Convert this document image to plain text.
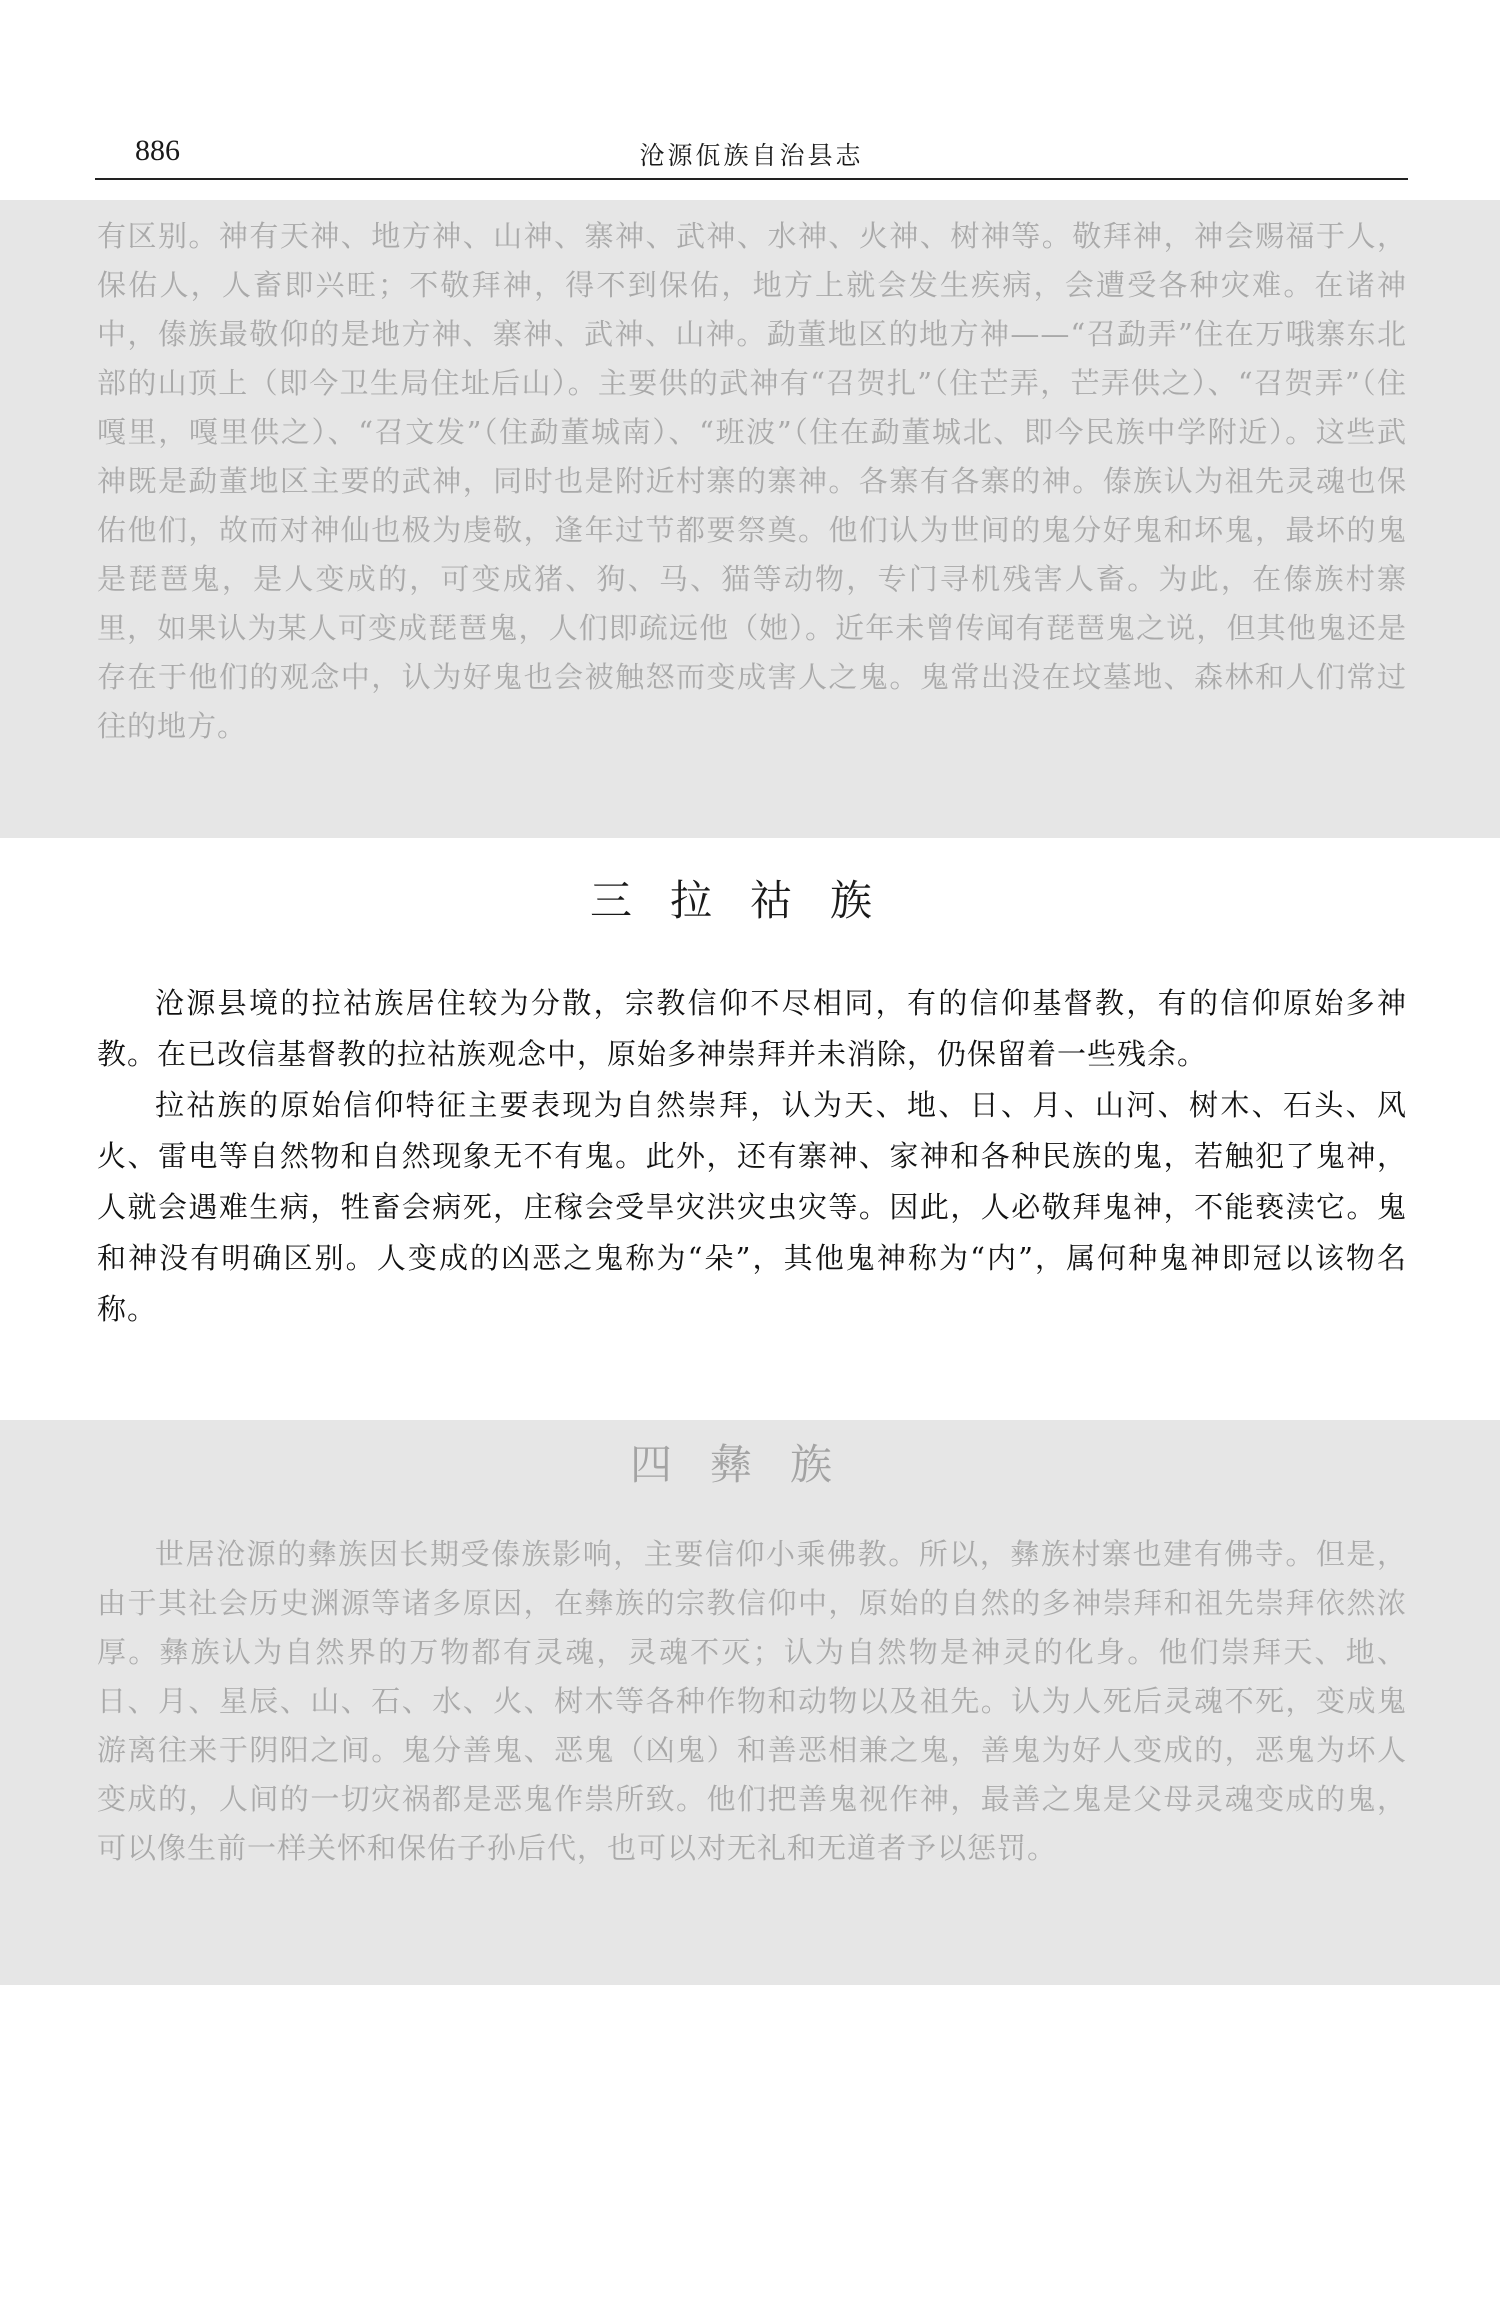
886	沧源佤族自治县志

有区别。神有天神、地方神、山神、寨神、武神、水神、火神、树神等。敬拜神，神会赐福于人，保佑人，人畜即兴旺；不敬拜神，得不到保佑，地方上就会发生疾病，会遭受各种灾难。在诸神中，傣族最敬仰的是地方神、寨神、武神、山神。勐董地区的地方神——“召勐弄”住在万哦寨东北部的山顶上（即今卫生局住址后山）。主要供的武神有“召贺扎”（住芒弄，芒弄供之）、“召贺弄”（住嘎里，嘎里供之）、“召文发”（住勐董城南）、“班波”（住在勐董城北、即今民族中学附近）。这些武神既是勐董地区主要的武神，同时也是附近村寨的寨神。各寨有各寨的神。傣族认为祖先灵魂也保佑他们，故而对神仙也极为虔敬，逢年过节都要祭奠。他们认为世间的鬼分好鬼和坏鬼，最坏的鬼是琵琶鬼，是人变成的，可变成猪、狗、马、猫等动物，专门寻机残害人畜。为此，在傣族村寨里，如果认为某人可变成琵琶鬼，人们即疏远他（她）。近年未曾传闻有琵琶鬼之说，但其他鬼还是存在于他们的观念中，认为好鬼也会被触怒而变成害人之鬼。鬼常出没在坟墓地、森林和人们常过往的地方。

三拉祜族

沧源县境的拉祜族居住较为分散，宗教信仰不尽相同，有的信仰基督教，有的信仰原始多神教。在已改信基督教的拉祜族观念中，原始多神崇拜并未消除，仍保留着一些残余。

拉祜族的原始信仰特征主要表现为自然崇拜，认为天、地、日、月、山河、树木、石头、风火、雷电等自然物和自然现象无不有鬼。此外，还有寨神、家神和各种民族的鬼，若触犯了鬼神，人就会遇难生病，牲畜会病死，庄稼会受旱灾洪灾虫灾等。因此，人必敬拜鬼神，不能亵渎它。鬼和神没有明确区别。人变成的凶恶之鬼称为“朵”，其他鬼神称为“内”，属何种鬼神即冠以该物名称。

四彝族

世居沧源的彝族因长期受傣族影响，主要信仰小乘佛教。所以，彝族村寨也建有佛寺。但是，由于其社会历史渊源等诸多原因，在彝族的宗教信仰中，原始的自然的多神崇拜和祖先崇拜依然浓厚。彝族认为自然界的万物都有灵魂，灵魂不灭；认为自然物是神灵的化身。他们崇拜天、地、日、月、星辰、山、石、水、火、树木等各种作物和动物以及祖先。认为人死后灵魂不死，变成鬼游离往来于阴阳之间。鬼分善鬼、恶鬼（凶鬼）和善恶相兼之鬼，善鬼为好人变成的，恶鬼为坏人变成的，人间的一切灾祸都是恶鬼作祟所致。他们把善鬼视作神，最善之鬼是父母灵魂变成的鬼，可以像生前一样关怀和保佑子孙后代，也可以对无礼和无道者予以惩罚。
